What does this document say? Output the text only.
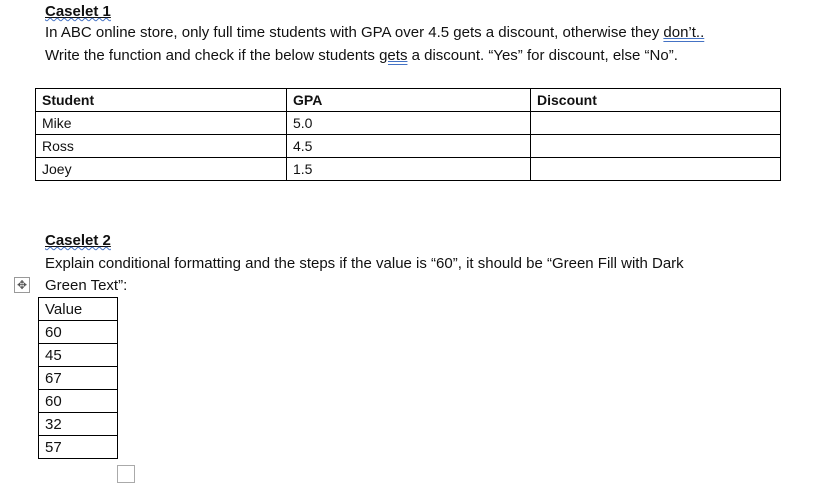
Caselet 1
In ABC online store, only full time students with GPA over 4.5 gets a discount, otherwise they don’t..
Write the function and check if the below students gets a discount. “Yes” for discount, else “No”.
Student	GPA	Discount
Mike	5.0	
Ross	4.5	
Joey	1.5	
Caselet 2
Explain conditional formatting and the steps if the value is “60”, it should be “Green Fill with Dark
Green Text”:
✥
Value
60
45
67
60
32
57
